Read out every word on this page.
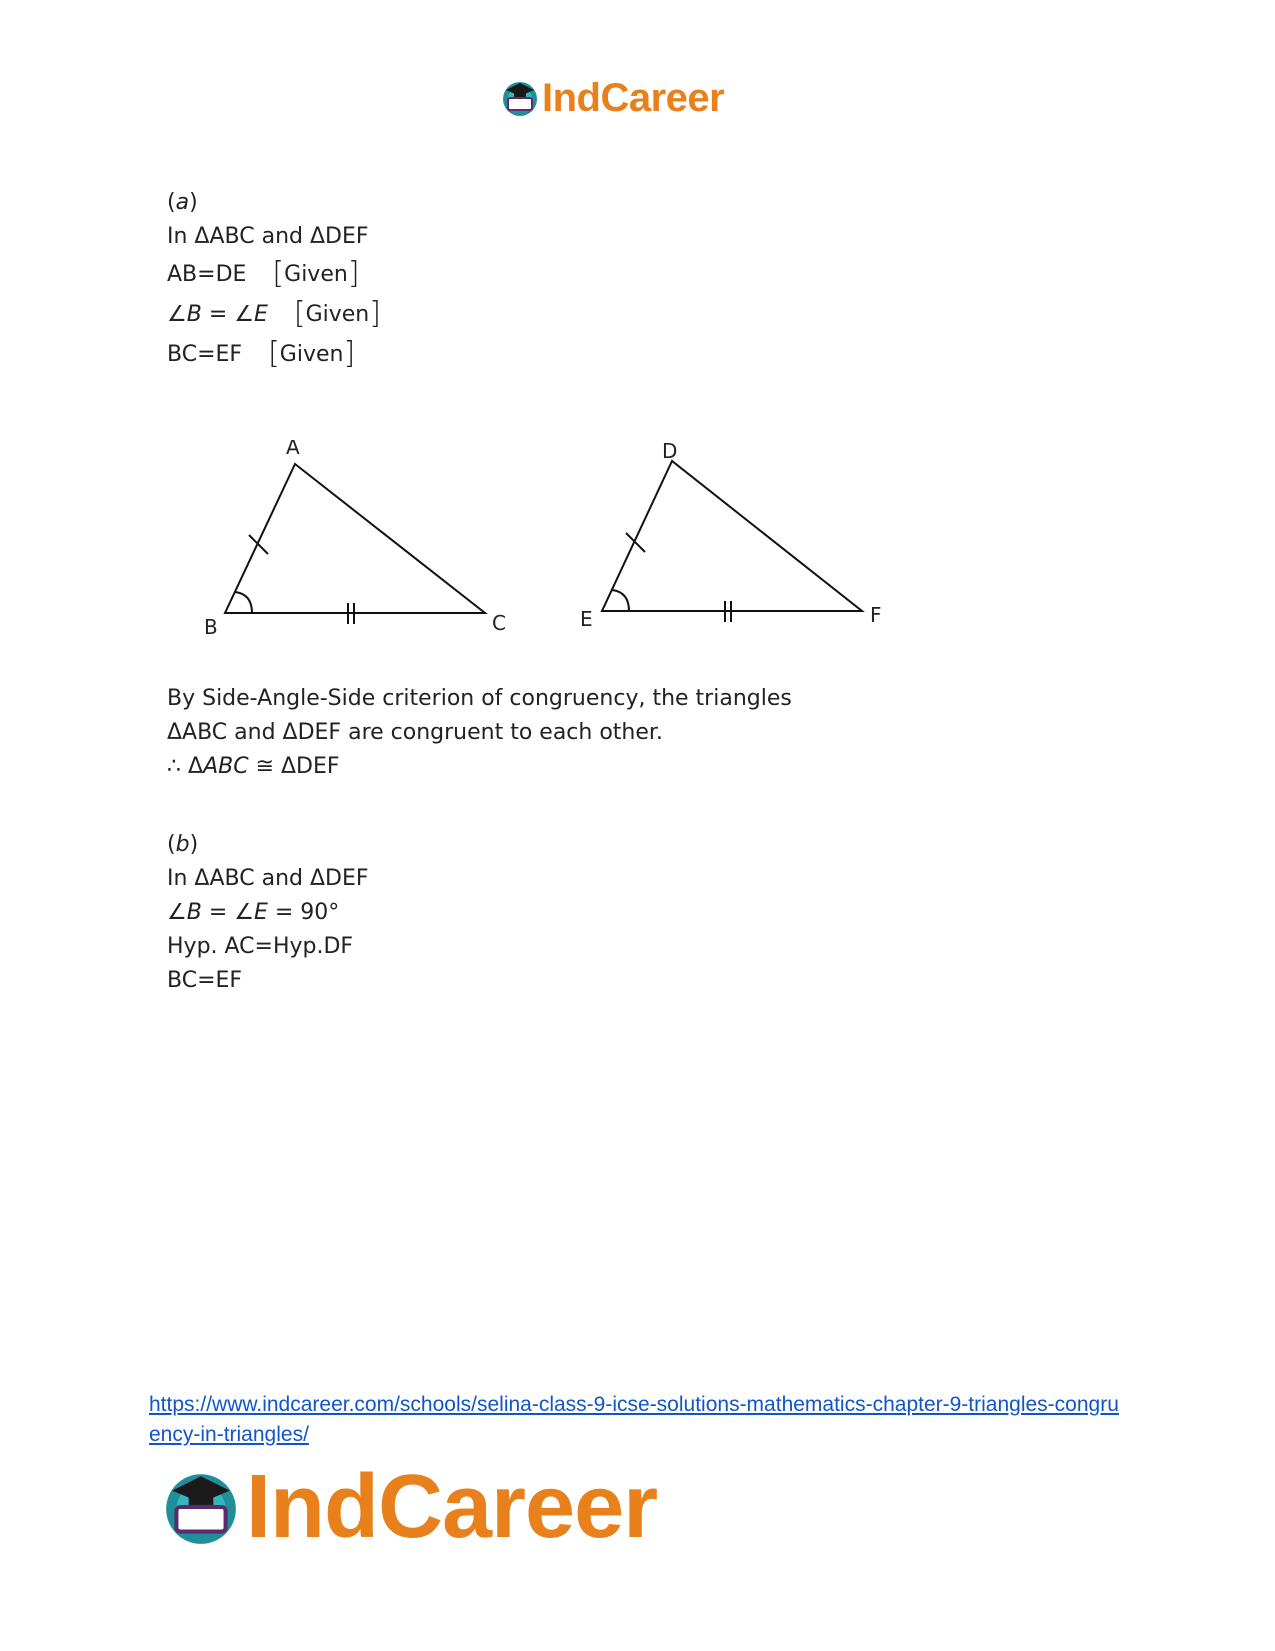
IndCareer
(a)
In ΔABC and ΔDEF
AB=DE [Given]
∠B = ∠E [Given]
BC=EF [Given]
A
B	C
D
E	F
By Side-Angle-Side criterion of congruency, the triangles
ΔABC and ΔDEF are congruent to each other.
∴ ΔABC ≅ ΔDEF
(b)
In ΔABC and ΔDEF
∠B = ∠E = 90°
Hyp. AC=Hyp.DF
BC=EF
https://www.indcareer.com/schools/selina-class-9-icse-solutions-mathematics-chapter-9-triangles-congruency-in-triangles/
IndCareer
